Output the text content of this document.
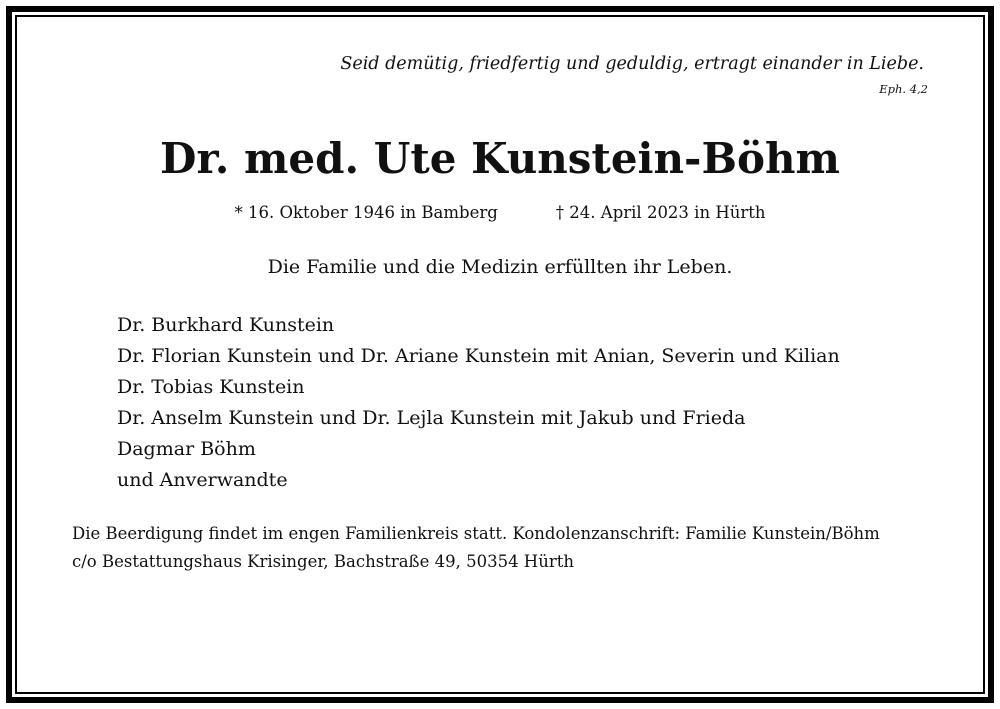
Seid demütig, friedfertig und geduldig, ertragt einander in Liebe.
Eph. 4,2
Dr. med. Ute Kunstein-Böhm
* 16. Oktober 1946 in Bamberg	† 24. April 2023 in Hürth
Die Familie und die Medizin erfüllten ihr Leben.
Dr. Burkhard Kunstein
Dr. Florian Kunstein und Dr. Ariane Kunstein mit Anian, Severin und Kilian
Dr. Tobias Kunstein
Dr. Anselm Kunstein und Dr. Lejla Kunstein mit Jakub und Frieda
Dagmar Böhm
und Anverwandte
Die Beerdigung findet im engen Familienkreis statt. Kondolenzanschrift: Familie Kunstein/Böhm
c/o Bestattungshaus Krisinger, Bachstraße 49, 50354 Hürth
